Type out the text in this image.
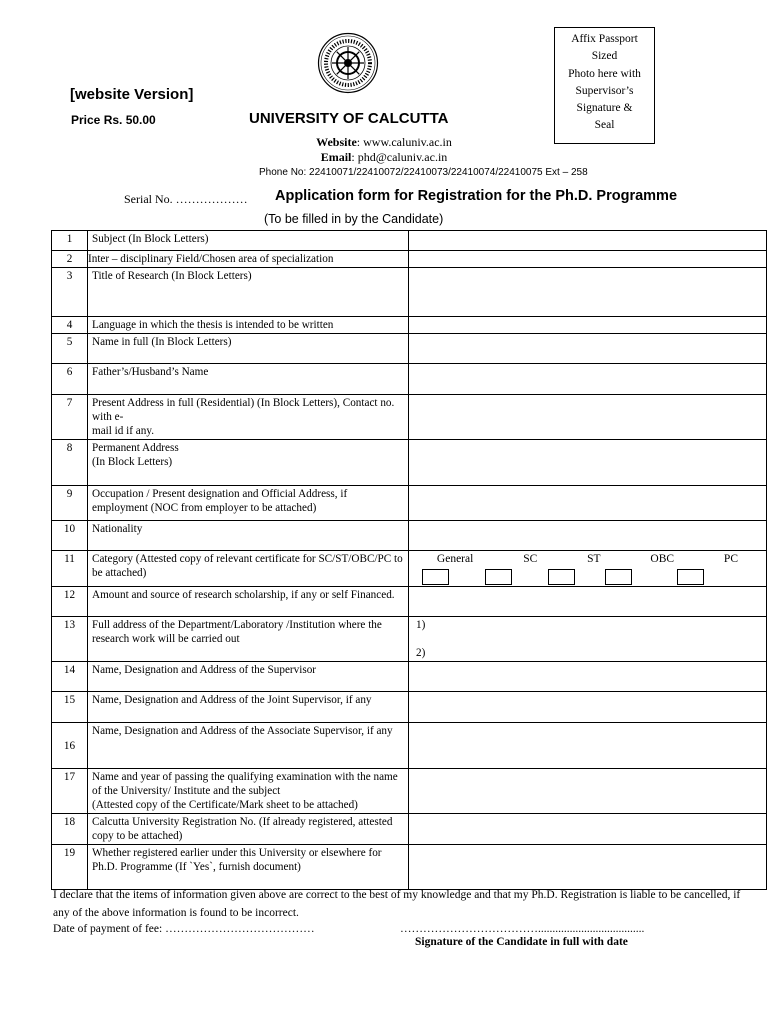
[website Version]
Price Rs. 50.00	UNIVERSITY OF CALCUTTA
Website: www.caluniv.ac.in
Email: phd@caluniv.ac.in
Phone No: 22410071/22410072/22410073/22410074/22410075 Ext – 258
Affix Passport
Sized
Photo here with
Supervisor’s
Signature &
Seal
Serial No. ……………… Application form for Registration for the Ph.D. Programme
(To be filled in by the Candidate)
1	Subject (In Block Letters)	
2	Inter – disciplinary Field/Chosen area of specialization	
3	Title of Research (In Block Letters)	
4	Language in which the thesis is intended to be written	
5	Name in full (In Block Letters)	
6	Father’s/Husband’s Name	
7	Present Address in full (Residential) (In Block Letters), Contact no. with e-
mail id if any.	
8	Permanent Address
(In Block Letters)	
9	Occupation / Present designation and Official Address, if employment (NOC from employer to be attached)	
10	Nationality	
11	Category (Attested copy of relevant certificate for SC/ST/OBC/PC to be attached)	General SC ST OBC PC

12	Amount and source of research scholarship, if any or self Financed.	
13	Full address of the Department/Laboratory /Institution where the research work will be carried out	1)
2)

14	Name, Designation and Address of the Supervisor	
15	Name, Designation and Address of the Joint Supervisor, if any	
16	Name, Designation and Address of the Associate Supervisor, if any	
17	Name and year of passing the qualifying examination with the name of the University/ Institute and the subject
(Attested copy of the Certificate/Mark sheet to be attached)	
18	Calcutta University Registration No. (If already registered, attested copy to be attached)	
19	Whether registered earlier under this University or elsewhere for Ph.D. Programme (If `Yes`, furnish document)	
I declare that the items of information given above are correct to the best of my knowledge and that my Ph.D. Registration is liable to be cancelled, if any of the above information is found to be incorrect.
Date of payment of fee: …………………………………	……………………………….....................................
Signature of the Candidate in full with date
